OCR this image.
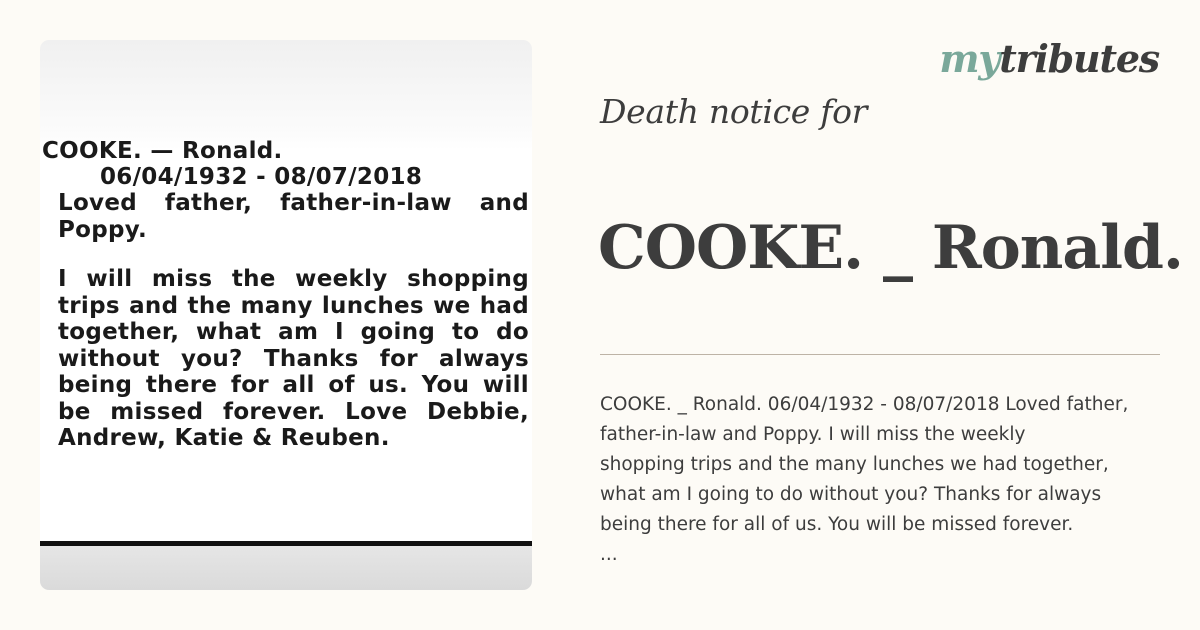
COOKE. — Ronald.

06/04/1932 - 08/07/2018

Loved father, father-in-law and Poppy.

I will miss the weekly shopping trips and the many lunches we had together, what am I going to do without you? Thanks for always being there for all of us. You will be missed forever. Love Debbie, Andrew, Katie & Reuben.

mytributes
Death notice for
COOKE. _ Ronald.

COOKE. _ Ronald. 06/04/1932 - 08/07/2018 Loved father,
father-in-law and Poppy. I will miss the weekly
shopping trips and the many lunches we had together,
what am I going to do without you? Thanks for always
being there for all of us. You will be missed forever.
...
